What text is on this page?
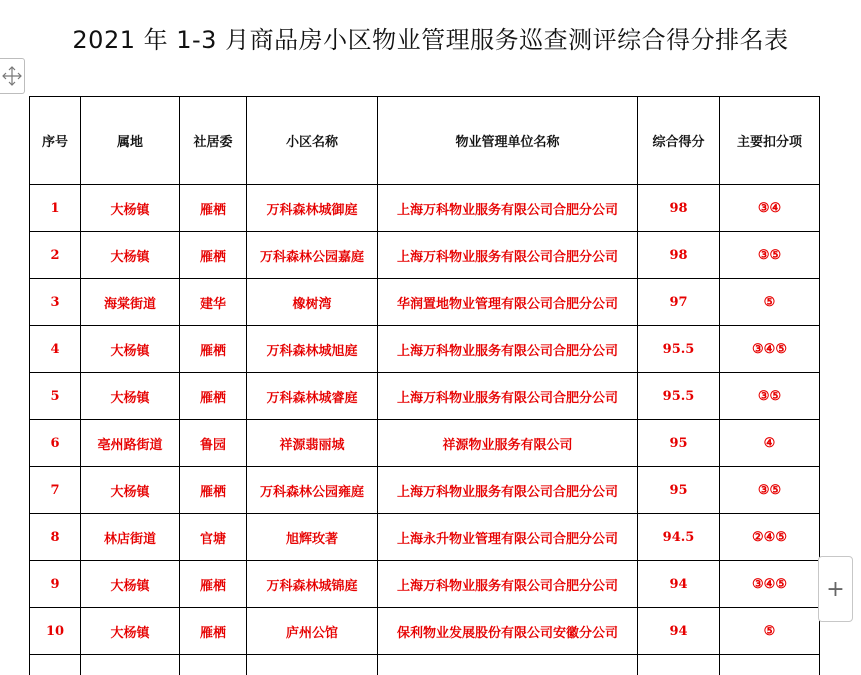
2021 年 1-3 月商品房小区物业管理服务巡查测评综合得分排名表
序号	属地	社居委	小区名称	物业管理单位名称	综合得分	主要扣分项
1	大杨镇	雁栖	万科森林城御庭	上海万科物业服务有限公司合肥分公司	98	③④
2	大杨镇	雁栖	万科森林公园嘉庭	上海万科物业服务有限公司合肥分公司	98	③⑤
3	海棠街道	建华	橡树湾	华润置地物业管理有限公司合肥分公司	97	⑤
4	大杨镇	雁栖	万科森林城旭庭	上海万科物业服务有限公司合肥分公司	95.5	③④⑤
5	大杨镇	雁栖	万科森林城睿庭	上海万科物业服务有限公司合肥分公司	95.5	③⑤
6	亳州路街道	鲁园	祥源翡丽城	祥源物业服务有限公司	95	④
7	大杨镇	雁栖	万科森林公园雍庭	上海万科物业服务有限公司合肥分公司	95	③⑤
8	林店街道	官塘	旭辉玫著	上海永升物业管理有限公司合肥分公司	94.5	②④⑤
9	大杨镇	雁栖	万科森林城锦庭	上海万科物业服务有限公司合肥分公司	94	③④⑤
10	大杨镇	雁栖	庐州公馆	保利物业发展股份有限公司安徽分公司	94	⑤

+
